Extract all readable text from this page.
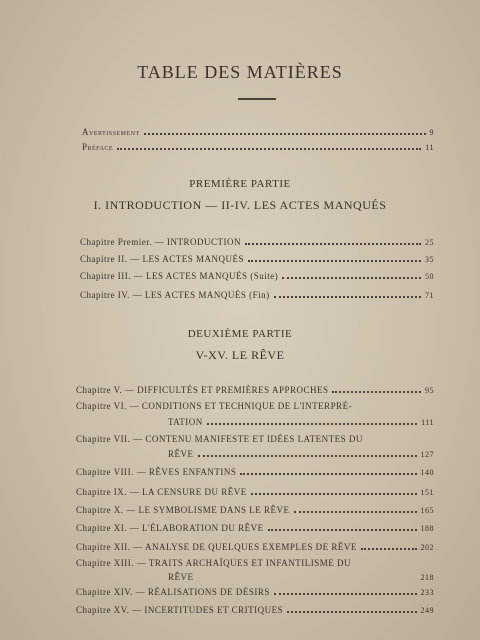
TABLE DES MATIÈRES
Avertissement	9
Préface	11
PREMIÈRE PARTIE
I. INTRODUCTION — II-IV. LES ACTES MANQUÉS
Chapitre Premier. — INTRODUCTION	25
Chapitre II. — LES ACTES MANQUÉS	35
Chapitre III. — LES ACTES MANQUÉS (Suite)	50
Chapitre IV. — LES ACTES MANQUÉS (Fin)	71
DEUXIÈME PARTIE
V-XV. LE RÊVE
Chapitre V. — DIFFICULTÉS ET PREMIÈRES APPROCHES	95
Chapitre VI. — CONDITIONS ET TECHNIQUE DE L'INTERPRÉ-
TATION	111
Chapitre VII. — CONTENU MANIFESTE ET IDÉES LATENTES DU
RÊVE	127
Chapitre VIII. — RÊVES ENFANTINS	140
Chapitre IX. — LA CENSURE DU RÊVE	151
Chapitre X. — LE SYMBOLISME DANS LE RÊVE	165
Chapitre XI. — L'ÉLABORATION DU RÊVE	188
Chapitre XII. — ANALYSE DE QUELQUES EXEMPLES DE RÊVE	202
Chapitre XIII. — TRAITS ARCHAÏQUES ET INFANTILISME DU
RÊVE	218
Chapitre XIV. — RÉALISATIONS DE DÉSIRS	233
Chapitre XV. — INCERTITUDES ET CRITIQUES	249
